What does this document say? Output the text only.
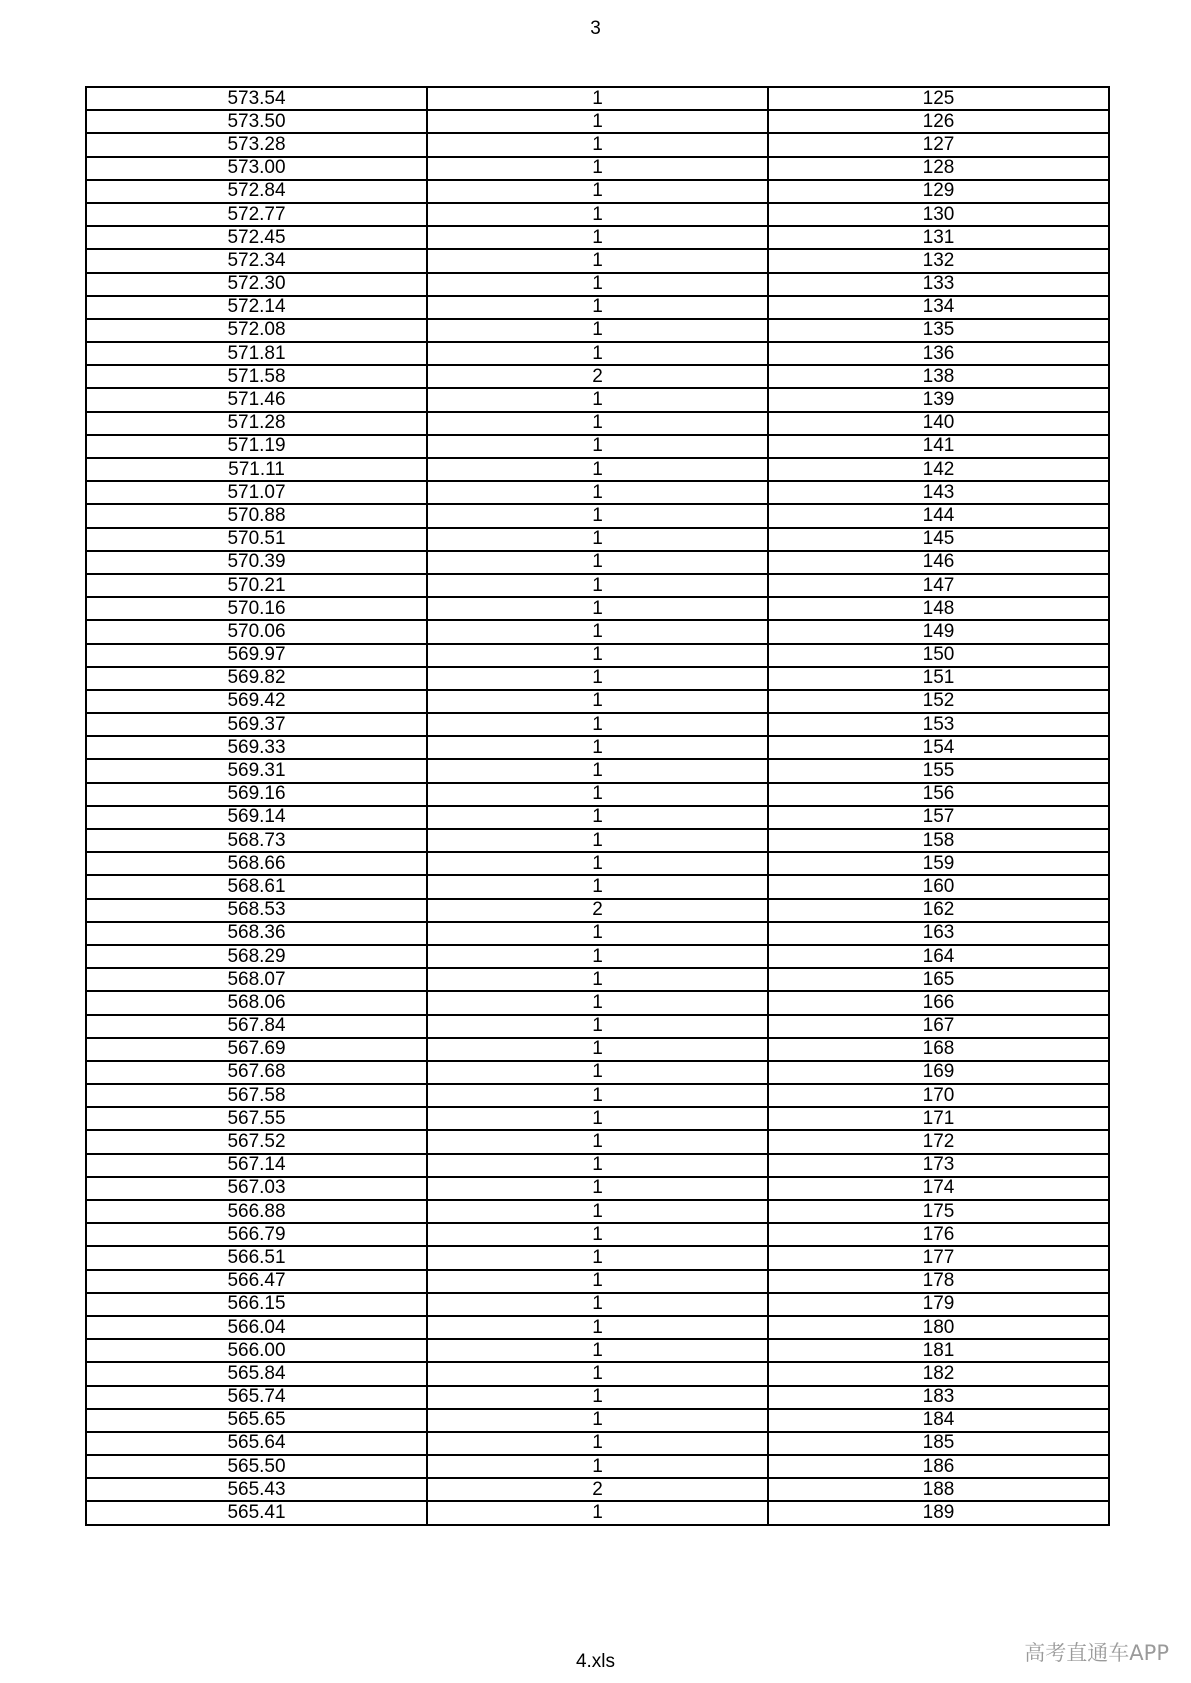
3
573.54	1	125
573.50	1	126
573.28	1	127
573.00	1	128
572.84	1	129
572.77	1	130
572.45	1	131
572.34	1	132
572.30	1	133
572.14	1	134
572.08	1	135
571.81	1	136
571.58	2	138
571.46	1	139
571.28	1	140
571.19	1	141
571.11	1	142
571.07	1	143
570.88	1	144
570.51	1	145
570.39	1	146
570.21	1	147
570.16	1	148
570.06	1	149
569.97	1	150
569.82	1	151
569.42	1	152
569.37	1	153
569.33	1	154
569.31	1	155
569.16	1	156
569.14	1	157
568.73	1	158
568.66	1	159
568.61	1	160
568.53	2	162
568.36	1	163
568.29	1	164
568.07	1	165
568.06	1	166
567.84	1	167
567.69	1	168
567.68	1	169
567.58	1	170
567.55	1	171
567.52	1	172
567.14	1	173
567.03	1	174
566.88	1	175
566.79	1	176
566.51	1	177
566.47	1	178
566.15	1	179
566.04	1	180
566.00	1	181
565.84	1	182
565.74	1	183
565.65	1	184
565.64	1	185
565.50	1	186
565.43	2	188
565.41	1	189
4.xls	高考直通车APP
